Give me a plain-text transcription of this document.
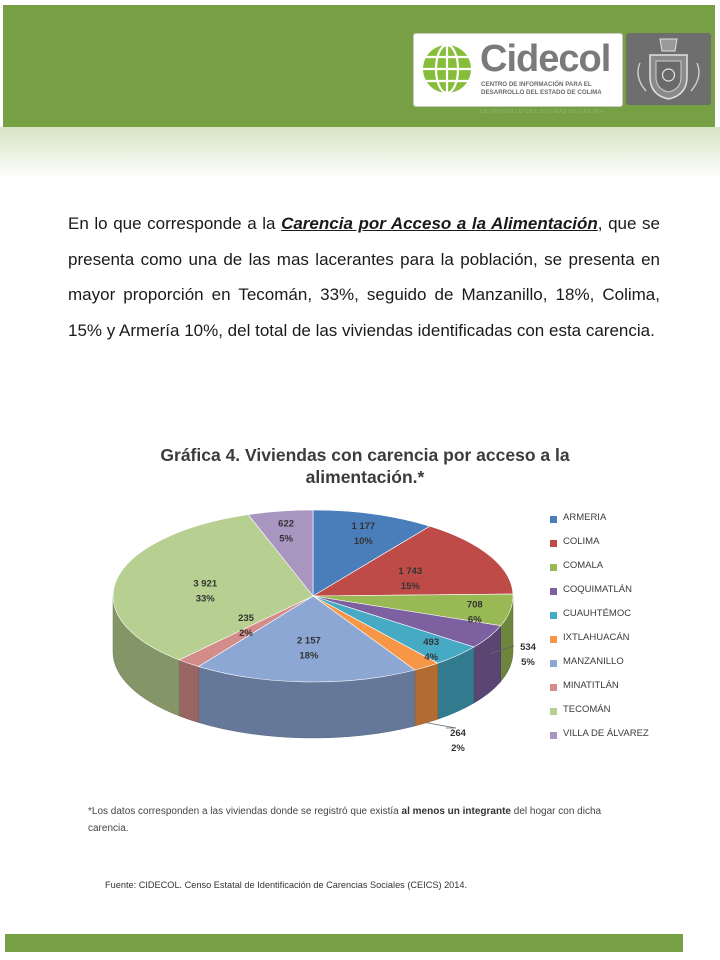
Cidecol
CENTRO DE INFORMACIÓN PARA EL DESARROLLO DEL ESTADO DE COLIMA
DESARROLLO DEL ESTADO DE COLIMA
En lo que corresponde a la Carencia por Acceso a la Alimentación, que se presenta como una de las mas lacerantes para la población, se presenta en mayor proporción en Tecomán, 33%, seguido de Manzanillo, 18%, Colima, 15% y Armería 10%, del total de las viviendas identificadas con esta carencia.
Gráfica 4. Viviendas con carencia por acceso a la alimentación.*
1 177
10%
1 743
15%
708
6%
534
5%
493
4%
264
2%
2 157
18%
235
2%
3 921
33%
622
5%
ARMERIA
COLIMA
COMALA
COQUIMATLÁN
CUAUHTÉMOC
IXTLAHUACÁN
MANZANILLO
MINATITLÁN
TECOMÁN
VILLA DE ÁLVAREZ
*Los datos corresponden a las viviendas donde se registró que existía al menos un integrante del hogar con dicha carencia.
Fuente: CIDECOL. Censo Estatal de Identificación de Carencias Sociales (CEICS) 2014.
